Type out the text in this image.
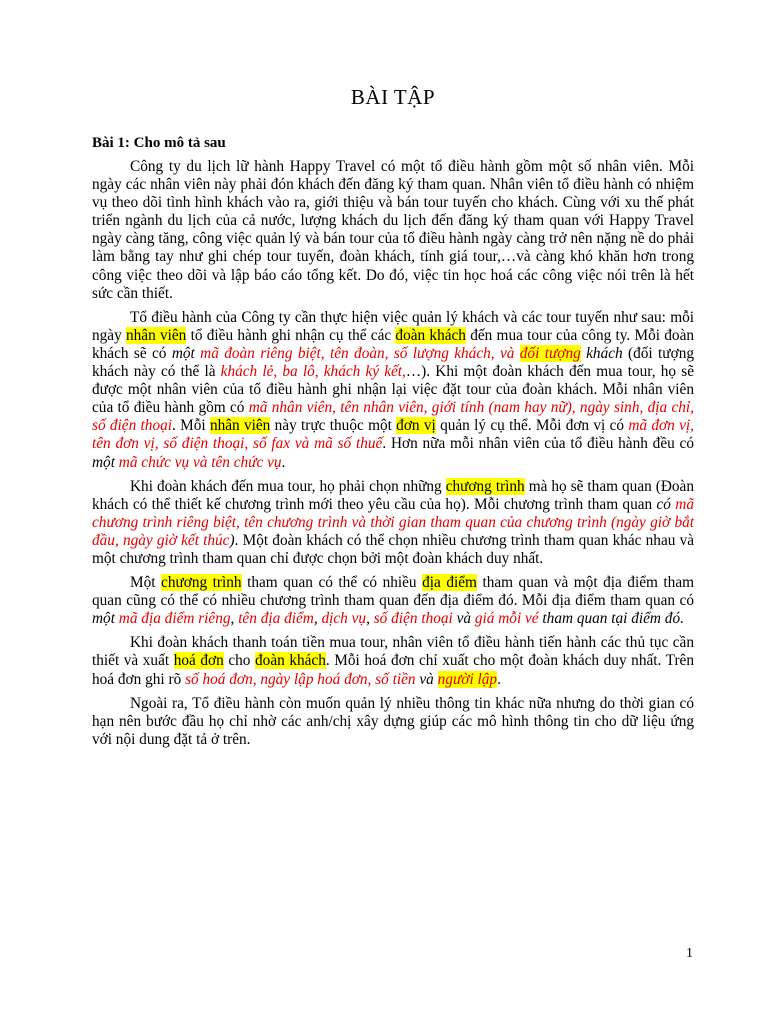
BÀI TẬP
Bài 1: Cho mô tả sau

Công ty du lịch lữ hành Happy Travel có một tổ điều hành gồm một số nhân viên. Mỗi ngày các nhân viên này phải đón khách đến đăng ký tham quan. Nhân viên tổ điều hành có nhiệm vụ theo dõi tình hình khách vào ra, giới thiệu và bán tour tuyến cho khách. Cùng với xu thế phát triển ngành du lịch của cả nước, lượng khách du lịch đến đăng ký tham quan với Happy Travel ngày càng tăng, công việc quản lý và bán tour của tổ điều hành ngày càng trở nên nặng nề do phải làm bằng tay như ghi chép tour tuyến, đoàn khách, tính giá tour,…và càng khó khăn hơn trong công việc theo dõi và lập báo cáo tổng kết. Do đó, việc tin học hoá các công việc nói trên là hết sức cần thiết.

Tổ điều hành của Công ty cần thực hiện việc quản lý khách và các tour tuyến như sau: mỗi ngày nhân viên tổ điều hành ghi nhận cụ thể các đoàn khách đến mua tour của công ty. Mỗi đoàn khách sẽ có một mã đoàn riêng biệt, tên đoàn, số lượng khách, và đối tượng khách (đối tượng khách này có thể là khách lẻ, ba lô, khách ký kết,…). Khi một đoàn khách đến mua tour, họ sẽ được một nhân viên của tổ điều hành ghi nhận lại việc đặt tour của đoàn khách. Mỗi nhân viên của tổ điều hành gồm có mã nhân viên, tên nhân viên, giới tính (nam hay nữ), ngày sinh, địa chỉ, số điện thoại. Mỗi nhân viên này trực thuộc một đơn vị quản lý cụ thể. Mỗi đơn vị có mã đơn vị, tên đơn vị, số điện thoại, số fax và mã số thuế. Hơn nữa mỗi nhân viên của tổ điều hành đều có một mã chức vụ và tên chức vụ.

Khi đoàn khách đến mua tour, họ phải chọn những chương trình mà họ sẽ tham quan (Đoàn khách có thể thiết kế chương trình mới theo yêu cầu của họ). Mỗi chương trình tham quan có mã chương trình riêng biệt, tên chương trình và thời gian tham quan của chương trình (ngày giờ bắt đầu, ngày giờ kết thúc). Một đoàn khách có thể chọn nhiều chương trình tham quan khác nhau và một chương trình tham quan chỉ được chọn bởi một đoàn khách duy nhất.

Một chương trình tham quan có thể có nhiều địa điểm tham quan và một địa điểm tham quan cũng có thể có nhiều chương trình tham quan đến địa điểm đó. Mỗi địa điểm tham quan có một mã địa điểm riêng, tên địa điểm, dịch vụ, số điện thoại và giá mỗi vé tham quan tại điểm đó.

Khi đoàn khách thanh toán tiền mua tour, nhân viên tổ điều hành tiến hành các thủ tục cần thiết và xuất hoá đơn cho đoàn khách. Mỗi hoá đơn chỉ xuất cho một đoàn khách duy nhất. Trên hoá đơn ghi rõ số hoá đơn, ngày lập hoá đơn, số tiền và người lập.

Ngoài ra, Tổ điều hành còn muốn quản lý nhiều thông tin khác nữa nhưng do thời gian có hạn nên bước đầu họ chỉ nhờ các anh/chị xây dựng giúp các mô hình thông tin cho dữ liệu ứng với nội dung đặt tả ở trên.

1
